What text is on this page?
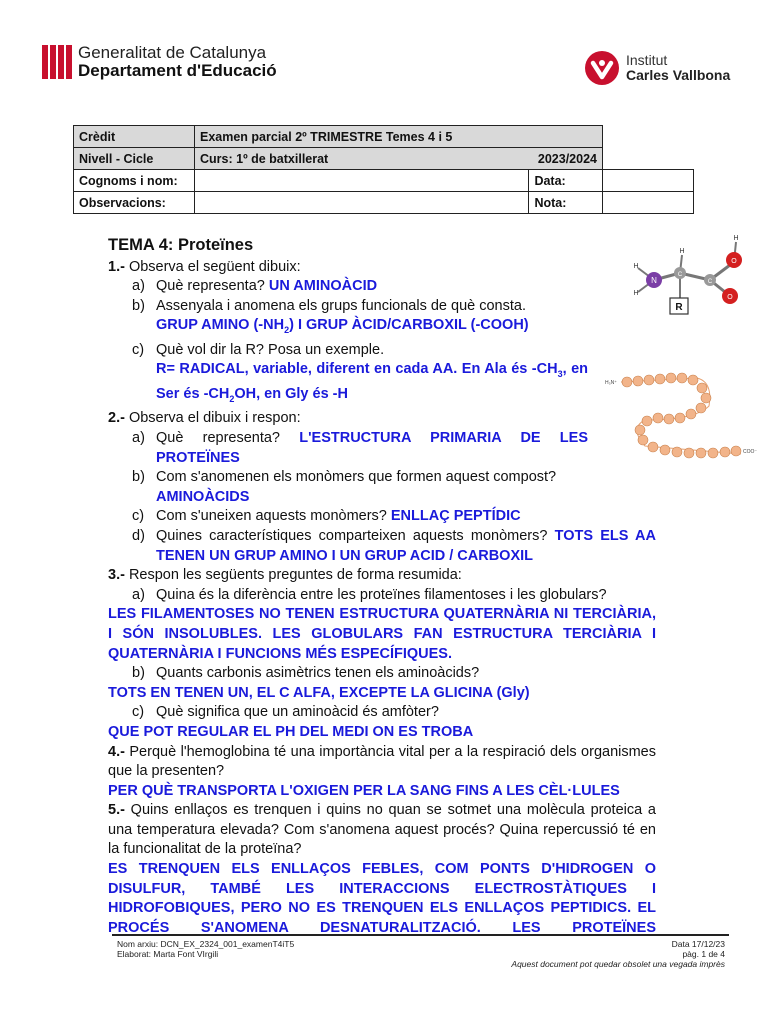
Generalitat de Catalunya
Departament d'Educació
Institut
Carles Vallbona
Crèdit	Examen parcial 2º TRIMESTRE Temes 4 i 5		
Nivell - Cicle	Curs: 1º de batxillerat 2023/2024		

Cognoms i nom:		Data:	
Observacions:		Nota:	
N
C
C
O
O
H
H
H
H
R
H₃N⁺
COO⁻

TEMA 4: Proteïnes

1.- Observa el següent dibuix:

a) Què representa? UN AMINOÀCID

b) Assenyala i anomena els grups funcionals de què consta.

GRUP AMINO $(-NH_2)$ I GRUP ÀCID/CARBOXIL (-COOH)

c) Què vol dir la R? Posa un exemple.

R= RADICAL, variable, diferent en cada AA. En Ala és $-CH_3$, en Ser és $-CH_2OH$, en Gly és -H

2.- Observa el dibuix i respon:

a) Què representa? L'ESTRUCTURA PRIMARIA DE LES PROTEÏNES

b) Com s'anomenen els monòmers que formen aquest compost? AMINOÀCIDS

c) Com s'uneixen aquests monòmers? ENLLAÇ PEPTÍDIC

d) Quines característiques comparteixen aquests monòmers? TOTS ELS AA TENEN UN GRUP AMINO I UN GRUP ACID / CARBOXIL

3.- Respon les següents preguntes de forma resumida:

a) Quina és la diferència entre les proteïnes filamentoses i les globulars?

LES FILAMENTOSES NO TENEN ESTRUCTURA QUATERNÀRIA NI TERCIÀRIA, I SÓN INSOLUBLES. LES GLOBULARS FAN ESTRUCTURA TERCIÀRIA I QUATERNÀRIA I FUNCIONS MÉS ESPECÍFIQUES.

b) Quants carbonis asimètrics tenen els aminoàcids?

TOTS EN TENEN UN, EL C ALFA, EXCEPTE LA GLICINA (Gly)

c) Què significa que un aminoàcid és amfòter?

QUE POT REGULAR EL PH DEL MEDI ON ES TROBA

4.- Perquè l'hemoglobina té una importància vital per a la respiració dels organismes que la presenten?

PER QUÈ TRANSPORTA L'OXIGEN PER LA SANG FINS A LES CÈL·LULES

5.- Quins enllaços es trenquen i quins no quan se sotmet una molècula proteica a una temperatura elevada? Com s'anomena aquest procés? Quina repercussió té en la funcionalitat de la proteïna?

ES TRENQUEN ELS ENLLAÇOS FEBLES, COM PONTS D'HIDROGEN O DISULFUR, TAMBÉ LES INTERACCIONS ELECTROSTÀTIQUES I HIDROFOBIQUES, PERO NO ES TRENQUEN ELS ENLLAÇOS PEPTIDICS. EL PROCÉS S'ANOMENA DESNATURALITZACIÓ. LES PROTEÏNES

Nom arxiu: DCN_EX_2324_001_examenT4iT5
Elaborat: Marta Font VIrgili
Data 17/12/23
pàg. 1 de 4
Aquest document pot quedar obsolet una vegada imprès
